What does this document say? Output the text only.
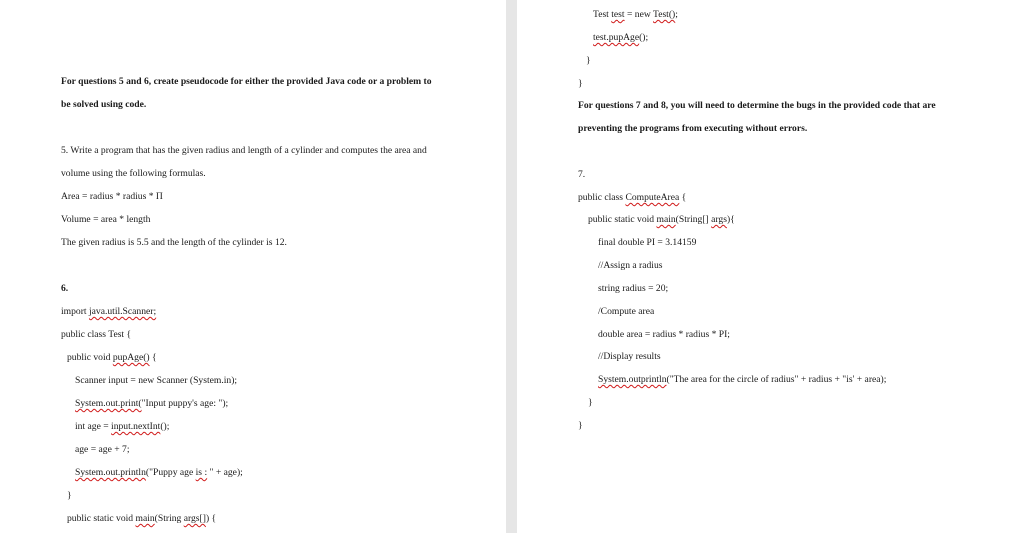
For questions 5 and 6, create pseudocode for either the provided Java code or a problem to
be solved using code.
5. Write a program that has the given radius and length of a cylinder and computes the area and
volume using the following formulas.
Area = radius * radius * Π
Volume = area * length
The given radius is 5.5 and the length of the cylinder is 12.
6.
import java.util.Scanner;
public class Test {
public void pupAge() {
Scanner input = new Scanner (System.in);
System.out.print("Input puppy's age: ");
int age = input.nextInt();
age = age + 7;
System.out.println("Puppy age is : " + age);
}
public static void main(String args[]) {
Test test = new Test();
test.pupAge();
}
}
For questions 7 and 8, you will need to determine the bugs in the provided code that are
preventing the programs from executing without errors.
7.
public class ComputeArea {
public static void main(String[] args){
final double PI = 3.14159
//Assign a radius
string radius = 20;
/Compute area
double area = radius * radius * PI;
//Display results
System.outprintln("The area for the circle of radius" + radius + "is' + area);
}
}
